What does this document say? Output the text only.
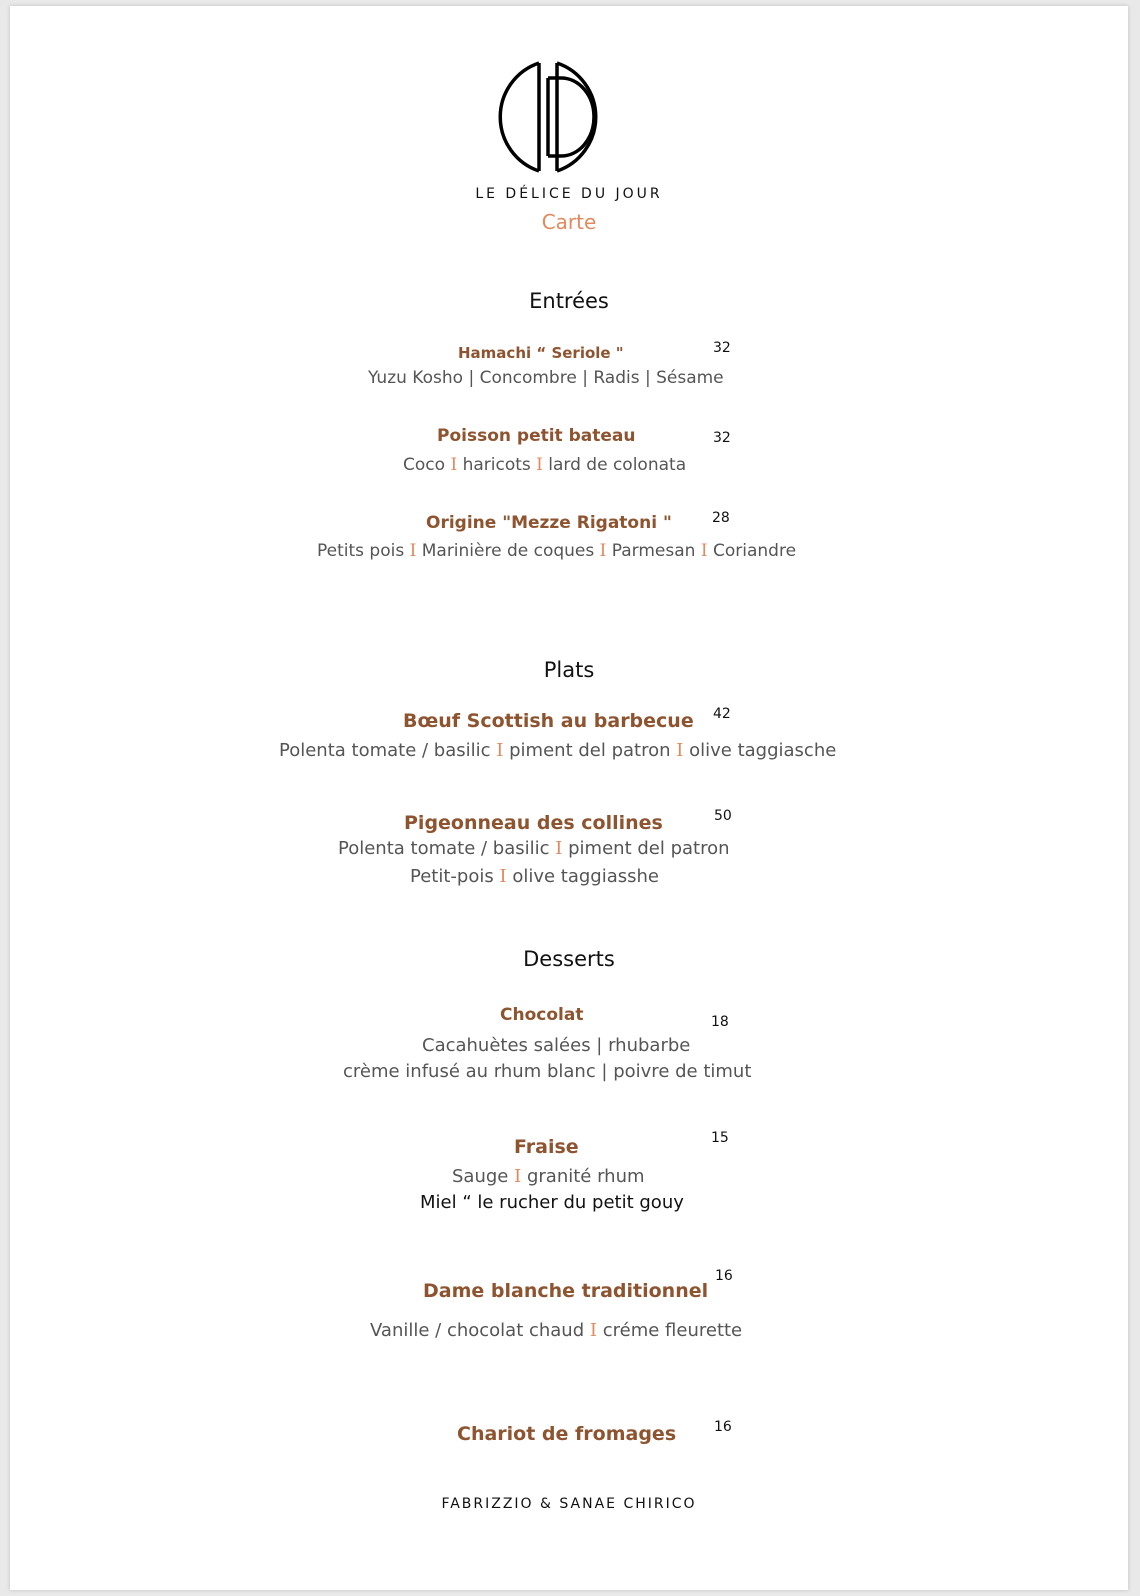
LE DÉLICE DU JOUR
Carte
Entrées
Hamachi “ Seriole "	32
Yuzu Kosho | Concombre | Radis | Sésame
Poisson petit bateau	32
Coco I haricots I lard de colonata
Origine "Mezze Rigatoni "	28
Petits pois I Marinière de coques I Parmesan I Coriandre
Plats
Bœuf Scottish au barbecue 42
Polenta tomate / basilic I piment del patron I olive taggiasche
Pigeonneau des collines	50
Polenta tomate / basilic I piment del patron
Petit-pois I olive taggiasshe
Desserts
Chocolat	18
Cacahuètes salées | rhubarbe
crème infusé au rhum blanc | poivre de timut
Fraise	15
Sauge I granité rhum
Miel “ le rucher du petit gouy
Dame blanche traditionnel
16
Vanille / chocolat chaud I créme fleurette
Chariot de fromages	16
FABRIZZIO & SANAE CHIRICO
